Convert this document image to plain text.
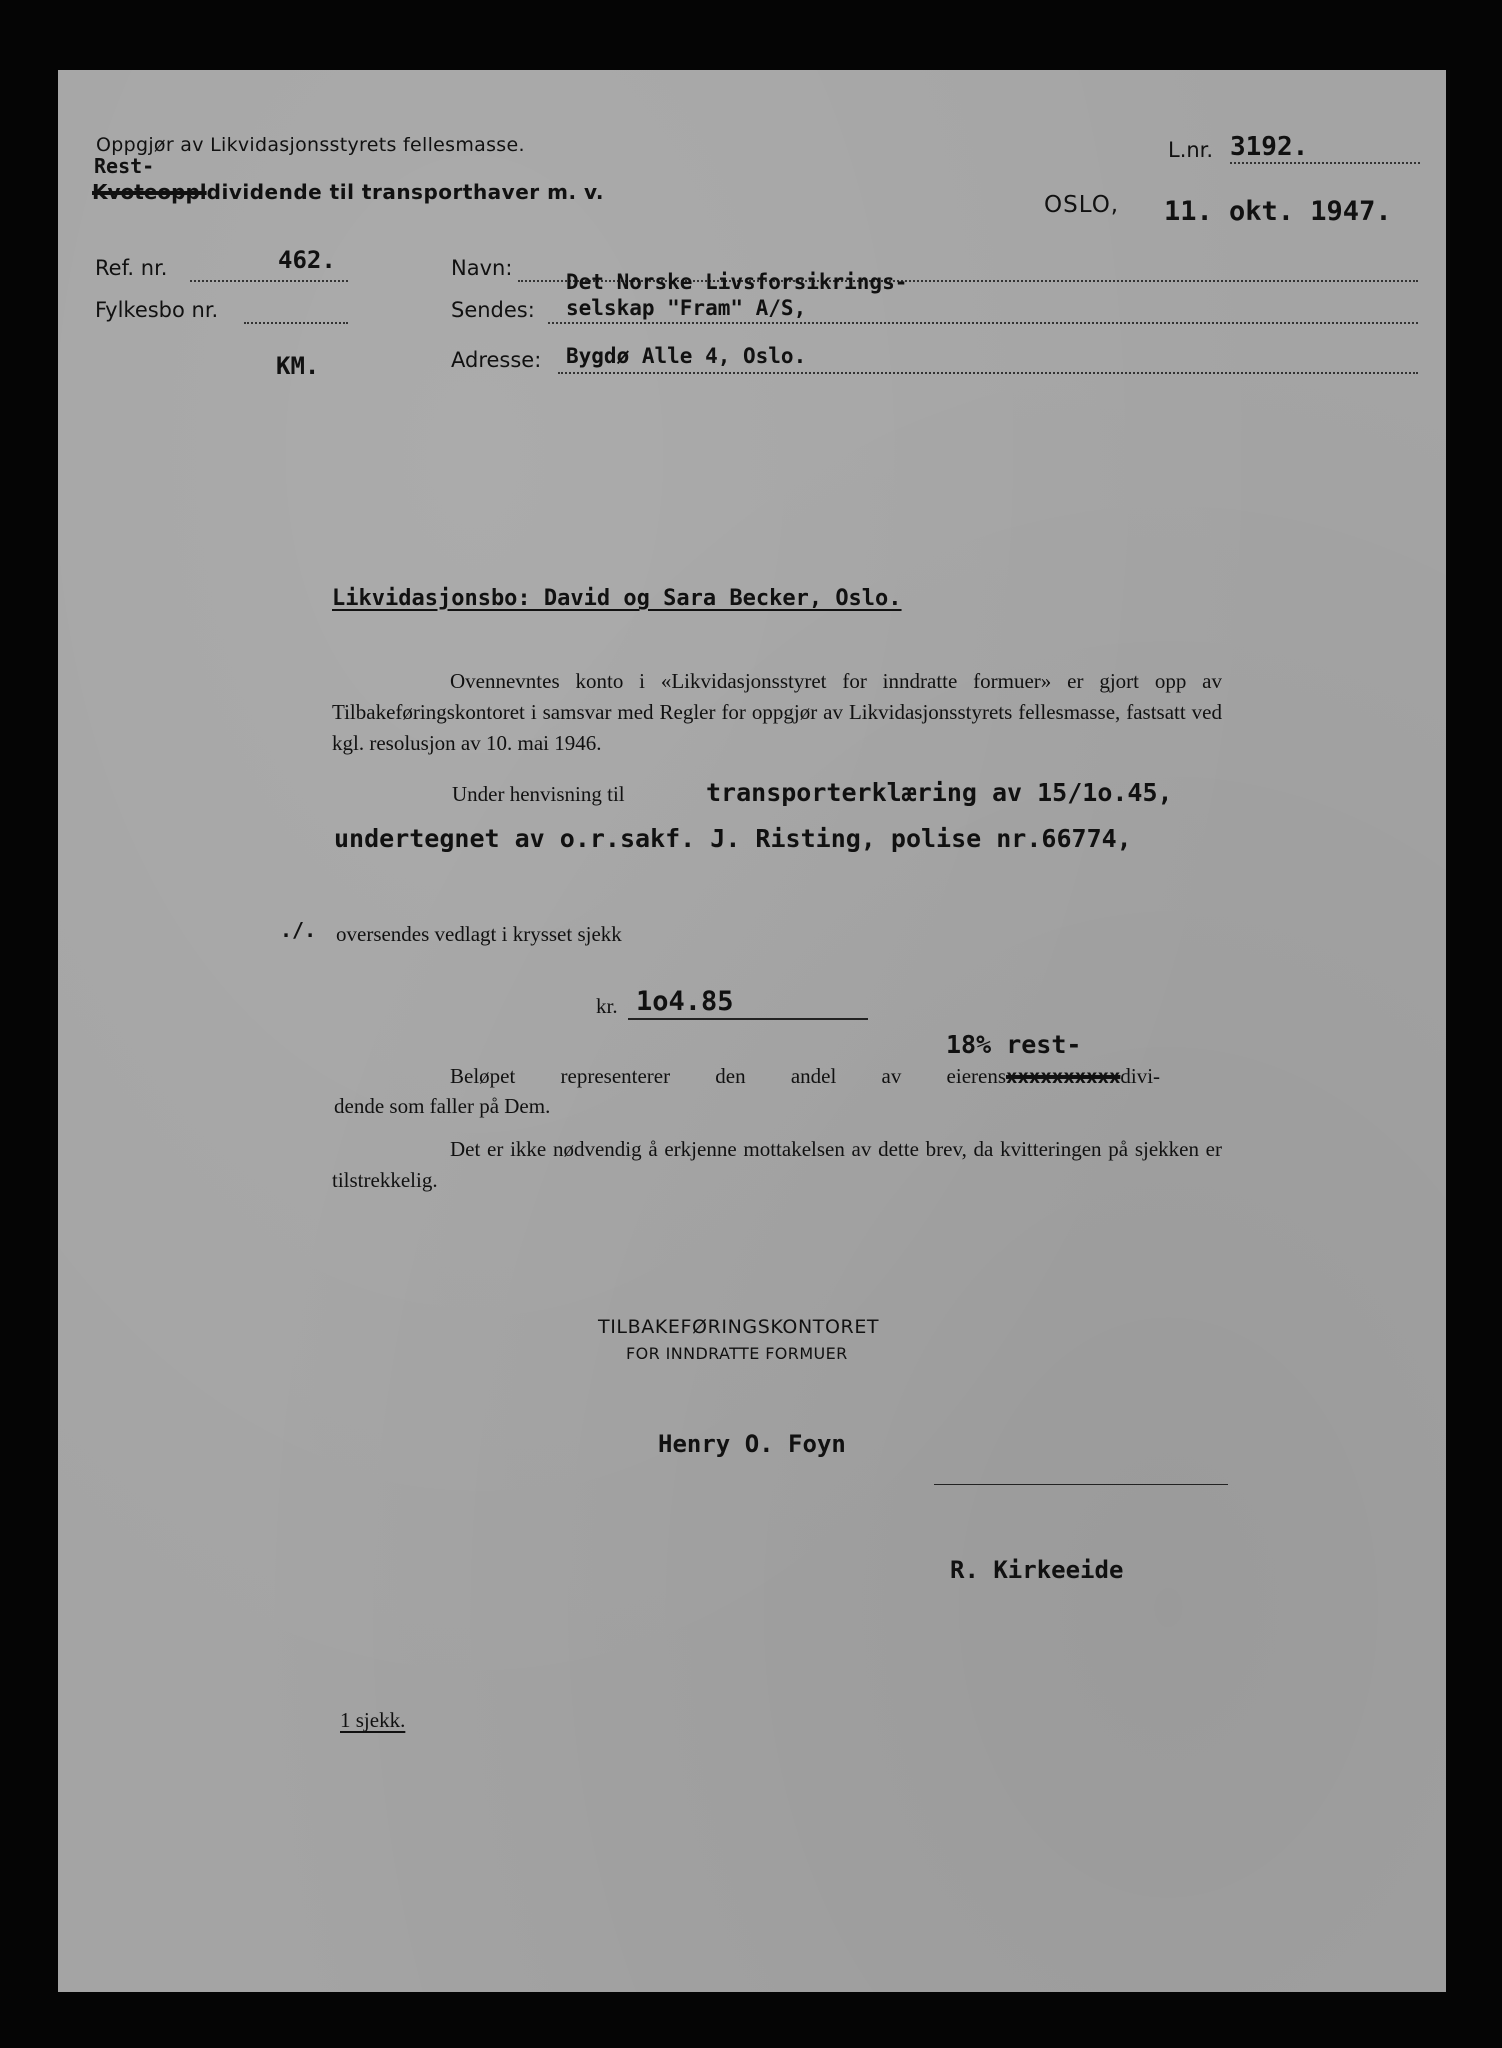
Oppgjør av Likvidasjonsstyrets fellesmasse.
Rest-
Kvoteoppldividende til transporthaver m. v.
L.nr. 3192.
OSLO, 11. okt. 1947.
Ref. nr.	462.
Fylkesbo nr.
KM.
Navn:
Det Norske Livsforsikrings-
Sendes: selskap "Fram" A/S,
Adresse: Bygdø Alle 4, Oslo.
Likvidasjonsbo: David og Sara Becker, Oslo.
Ovennevntes konto i «Likvidasjonsstyret for inndratte formuer» er gjort opp av Tilbakeføringskontoret i samsvar med Regler for oppgjør av Likvidasjonsstyrets fellesmasse, fastsatt ved kgl. resolusjon av 10. mai 1946.
Under henvisning til	transporterklæring av 15/1o.45,
undertegnet av o.r.sakf. J. Risting, polise nr.66774,
./. oversendes vedlagt i krysset sjekk
kr. 1o4.85
18% rest-
Beløpet representerer den andel av eierensxxxxxxxxxxdivi-
dende som faller på Dem.
Det er ikke nødvendig å erkjenne mottakelsen av dette brev, da kvitteringen på sjekken er tilstrekkelig.
TILBAKEFØRINGSKONTORET
FOR INNDRATTE FORMUER
Henry O. Foyn
R. Kirkeeide
1 sjekk.
